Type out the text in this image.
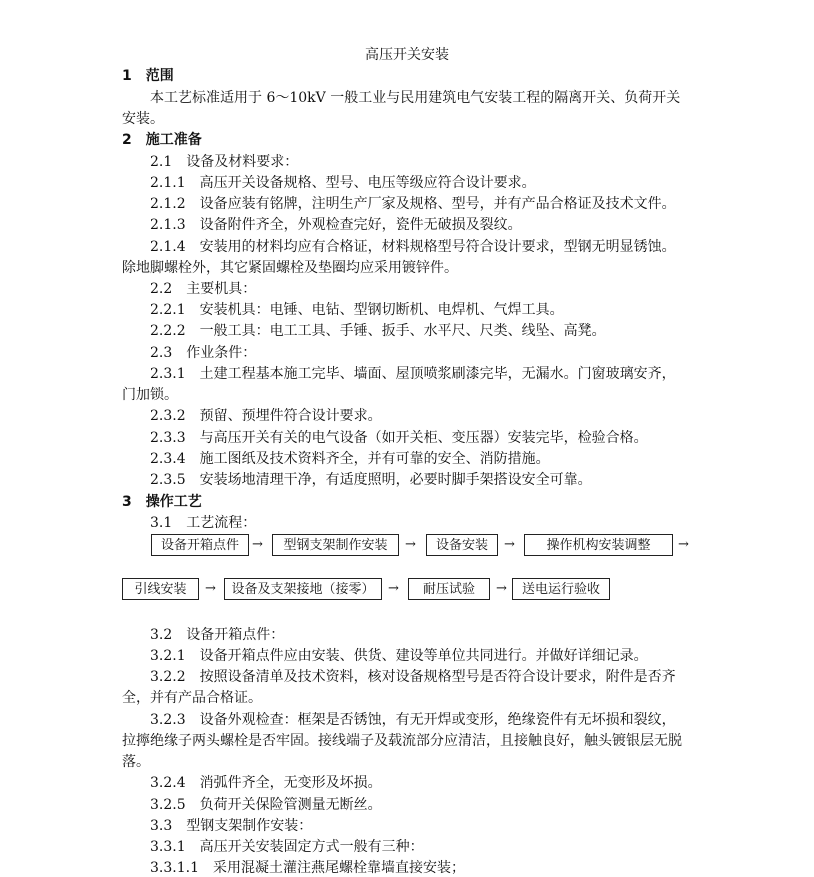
高压开关安装
1　范围
本工艺标准适用于 6～10kV 一般工业与民用建筑电气安装工程的隔离开关、负荷开关
安装。
2　施工准备
2.1　设备及材料要求：
2.1.1　高压开关设备规格、型号、电压等级应符合设计要求。
2.1.2　设备应装有铭牌，注明生产厂家及规格、型号，并有产品合格证及技术文件。
2.1.3　设备附件齐全，外观检查完好，瓷件无破损及裂纹。
2.1.4　安装用的材料均应有合格证，材料规格型号符合设计要求，型钢无明显锈蚀。
除地脚螺栓外，其它紧固螺栓及垫圈均应采用镀锌件。
2.2　主要机具：
2.2.1　安装机具：电锤、电钻、型钢切断机、电焊机、气焊工具。
2.2.2　一般工具：电工工具、手锤、扳手、水平尺、尺类、线坠、高凳。
2.3　作业条件：
2.3.1　土建工程基本施工完毕、墙面、屋顶喷浆刷漆完毕，无漏水。门窗玻璃安齐，
门加锁。
2.3.2　预留、预埋件符合设计要求。
2.3.3　与高压开关有关的电气设备（如开关柜、变压器）安装完毕，检验合格。
2.3.4　施工图纸及技术资料齐全，并有可靠的安全、消防措施。
2.3.5　安装场地清理干净，有适度照明，必要时脚手架搭设安全可靠。
3　操作工艺
3.1　工艺流程：
设备开箱点件	→	型钢支架制作安装	→	设备安装	→	操作机构安装调整	→
引线安装	→	设备及支架接地（接零）	→	耐压试验	→	送电运行验收
3.2　设备开箱点件：
3.2.1　设备开箱点件应由安装、供货、建设等单位共同进行。并做好详细记录。
3.2.2　按照设备清单及技术资料，核对设备规格型号是否符合设计要求，附件是否齐
全，并有产品合格证。
3.2.3　设备外观检查：框架是否锈蚀，有无开焊或变形，绝缘瓷件有无坏损和裂纹，
拉擰绝缘子两头螺栓是否牢固。接线端子及载流部分应清洁，且接触良好，触头镀银层无脱
落。
3.2.4　消弧件齐全，无变形及坏损。
3.2.5　负荷开关保险管测量无断丝。
3.3　型钢支架制作安装：
3.3.1　高压开关安装固定方式一般有三种：
3.3.1.1　采用混凝土灌注燕尾螺栓靠墙直接安装；
